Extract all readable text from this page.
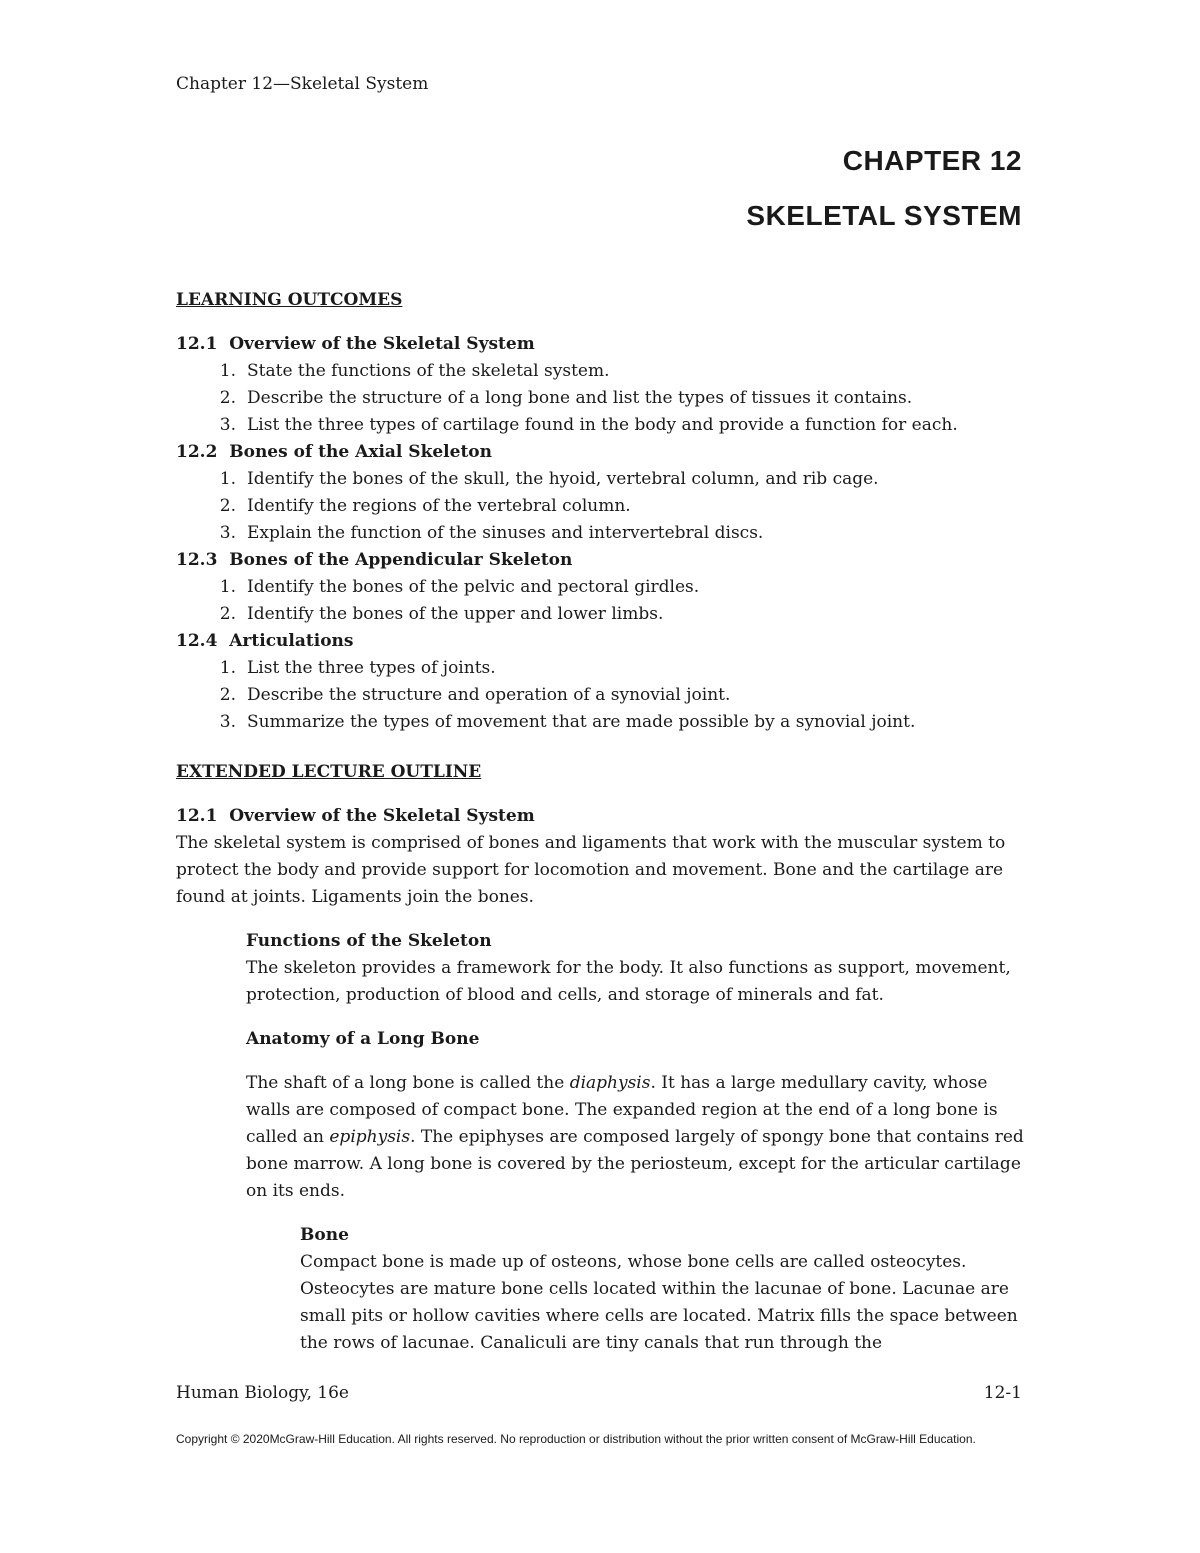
Chapter 12—Skeletal System
CHAPTER 12
SKELETAL SYSTEM

LEARNING OUTCOMES

12.1  Overview of the Skeletal System

1. State the functions of the skeletal system.
2. Describe the structure of a long bone and list the types of tissues it contains.
3. List the three types of cartilage found in the body and provide a function for each.

12.2  Bones of the Axial Skeleton

1. Identify the bones of the skull, the hyoid, vertebral column, and rib cage.
2. Identify the regions of the vertebral column.
3. Explain the function of the sinuses and intervertebral discs.

12.3  Bones of the Appendicular Skeleton

1. Identify the bones of the pelvic and pectoral girdles.
2. Identify the bones of the upper and lower limbs.

12.4  Articulations

1. List the three types of joints.
2. Describe the structure and operation of a synovial joint.
3. Summarize the types of movement that are made possible by a synovial joint.

EXTENDED LECTURE OUTLINE

12.1  Overview of the Skeletal System

The skeletal system is comprised of bones and ligaments that work with the muscular system to protect the body and provide support for locomotion and movement. Bone and the cartilage are found at joints. Ligaments join the bones.

Functions of the Skeleton

The skeleton provides a framework for the body. It also functions as support, movement, protection, production of blood and cells, and storage of minerals and fat.

Anatomy of a Long Bone

The shaft of a long bone is called the diaphysis. It has a large medullary cavity, whose walls are composed of compact bone. The expanded region at the end of a long bone is called an epiphysis. The epiphyses are composed largely of spongy bone that contains red bone marrow. A long bone is covered by the periosteum, except for the articular cartilage on its ends.

Bone

Compact bone is made up of osteons, whose bone cells are called osteocytes. Osteocytes are mature bone cells located within the lacunae of bone. Lacunae are small pits or hollow cavities where cells are located. Matrix fills the space between the rows of lacunae. Canaliculi are tiny canals that run through the

Human Biology, 16e	12-1
Copyright © 2020McGraw-Hill Education. All rights reserved. No reproduction or distribution without the prior written consent of McGraw-Hill Education.
